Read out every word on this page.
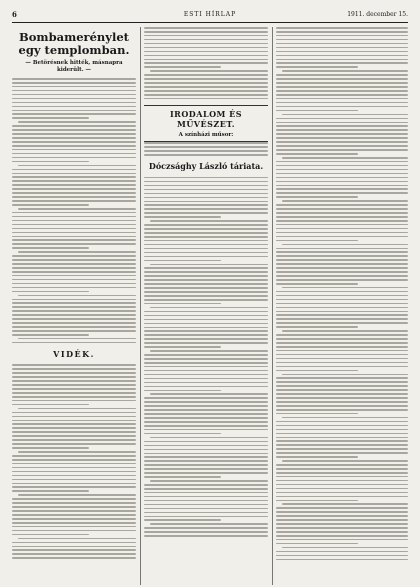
6	ESTI HÍRLAP	1911. december 15.
Bombamerénylet egy templomban.
— Betörésnek hitték, másnapra kiderült. —
VIDÉK.
IRODALOM ÉS MŰVÉSZET.
A színházi műsor:
Dóczsághy László táriata.
